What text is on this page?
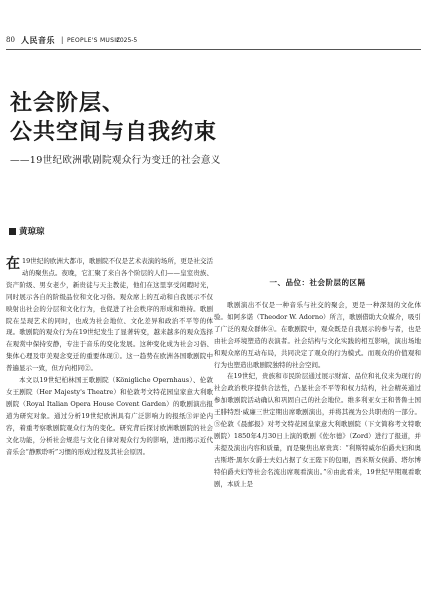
80 人民音乐 | PEOPLE'S MUSIC
2025-5
社会阶层、
公共空间与自我约束
——19世纪欧洲歌剧院观众行为变迁的社会意义
黄琼琼

在 19世纪的欧洲大都市，歌剧院不仅是艺术表演的场所，更是社交活动的聚焦点。夜晚，它汇聚了来自各个阶层的人们——皇室贵族、资产阶级、男女老少，新贵徒与天主教徒，他们在这里享受闲暇时光，同时展示各自的阶级品位和文化习俗。观众席上的互动和自我展示不仅映射出社会的分层和文化行为，也促进了社会秩序的形成和维持。歌剧院在呈现艺术的同时，也成为社会地位、文化差异和政治不平等的体现。歌剧院的观众行为在19世纪发生了显著转变，越来越多的观众选择在观赏中保持安静，专注于音乐的变化发展。这种变化成为社会习俗、集体心理及审美观念变迁的重要体现①。这一趋势在欧洲各国歌剧院中普遍显示一致，但方向相同②。

本文以19世纪柏林国王歌剧院（Königliche Opernhaus）、伦敦女王剧院（Her Majesty's Theatre）和伦敦考文特花园皇家意大利歌剧院（Royal Italian Opera House Covent Garden）的歌剧演出报道为研究对象。通过分析19世纪欧洲具有广泛影响力的报纸③评论内容，着重考察歌剧院观众行为的变化。研究背后探讨欧洲歌剧院的社会文化功能，分析社会规范与文化自律对观众行为的影响，进而揭示近代音乐会“静默聆听”习惯的形成过程及其社会原因。

一、品位：社会阶层的区隔

歌剧演出不仅是一种音乐与社交的聚会，更是一种深刻的文化体验。如阿多诺（Theodor W. Adorno）所言，歌剧借助大众媒介，吸引了广泛的观众群体④。在歌剧院中，观众既是自我展示的参与者，也是由社会环境塑造的表演者。社会结构与文化实践的相互影响，演出场地和观众席的互动布局，共同决定了观众的行为模式。而观众的价值观和行为也塑造出歌剧院独特的社会空间。

在19世纪，贵族和市民阶层通过展示财富、品位和礼仪来为现行的社会政治秩序提供合法性，凸显社会不平等和权力结构，社会精英通过参加歌剧院活动确认和巩固自己的社会地位。维多利亚女王和普鲁士国王腓特烈·威廉三世定期出席歌剧演出，并将其视为公共职责的一部分。⑤伦敦《晨邮报》对考文特花园皇家意大利歌剧院（下文简称考文特歌剧院）1850年4月30日上演的歌剧《佐尔德》（Zord）进行了报道，并未提及演出内容和质量，而是聚焦出席贵宾：“利斯特威尔伯爵夫妇和奥古斯塔·黑尔女爵士夫妇占据了女王陛下的包厢，西米斯女侯爵、塔尔博特伯爵夫妇等社会名流出席观看演出。”⑥由此看来，19世纪早期观看歌剧，本质上是
